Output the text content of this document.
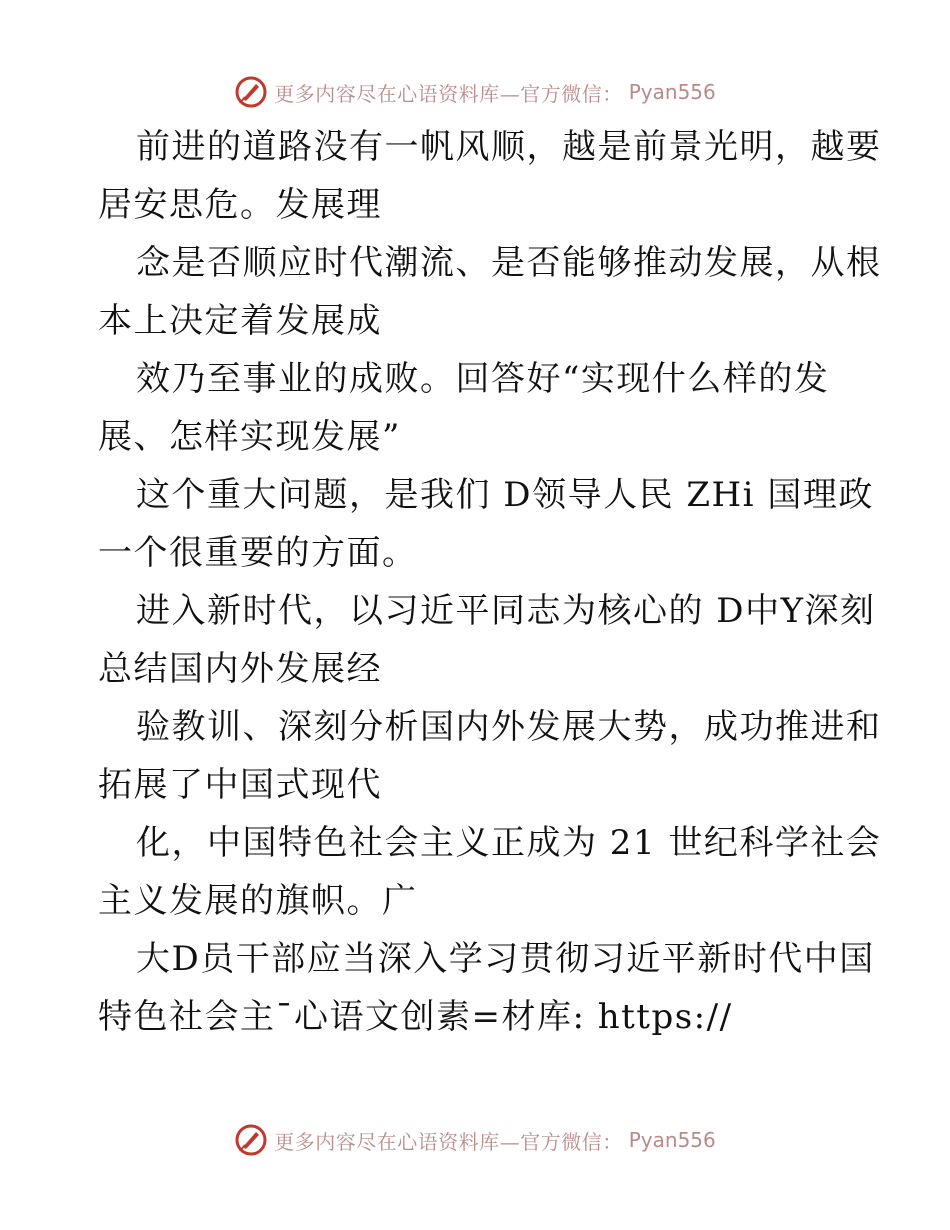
更多内容尽在心语资料库—官方微信： Pyan556
前进的道路没有一帆风顺，越是前景光明，越要
居安思危。发展理
念是否顺应时代潮流、是否能够推动发展，从根
本上决定着发展成
效乃至事业的成败。回答好“实现什么样的发
展、怎样实现发展”
这个重大问题，是我们 D领导人民 ZHi 国理政
一个很重要的方面。
进入新时代，以习近平同志为核心的 D中Y深刻
总结国内外发展经
验教训、深刻分析国内外发展大势，成功推进和
拓展了中国式现代
化，中国特色社会主义正成为 21 世纪科学社会
主义发展的旗帜。广
大D员干部应当深入学习贯彻习近平新时代中国
特色社会主¯心语文创素=材库: https://
更多内容尽在心语资料库—官方微信： Pyan556
